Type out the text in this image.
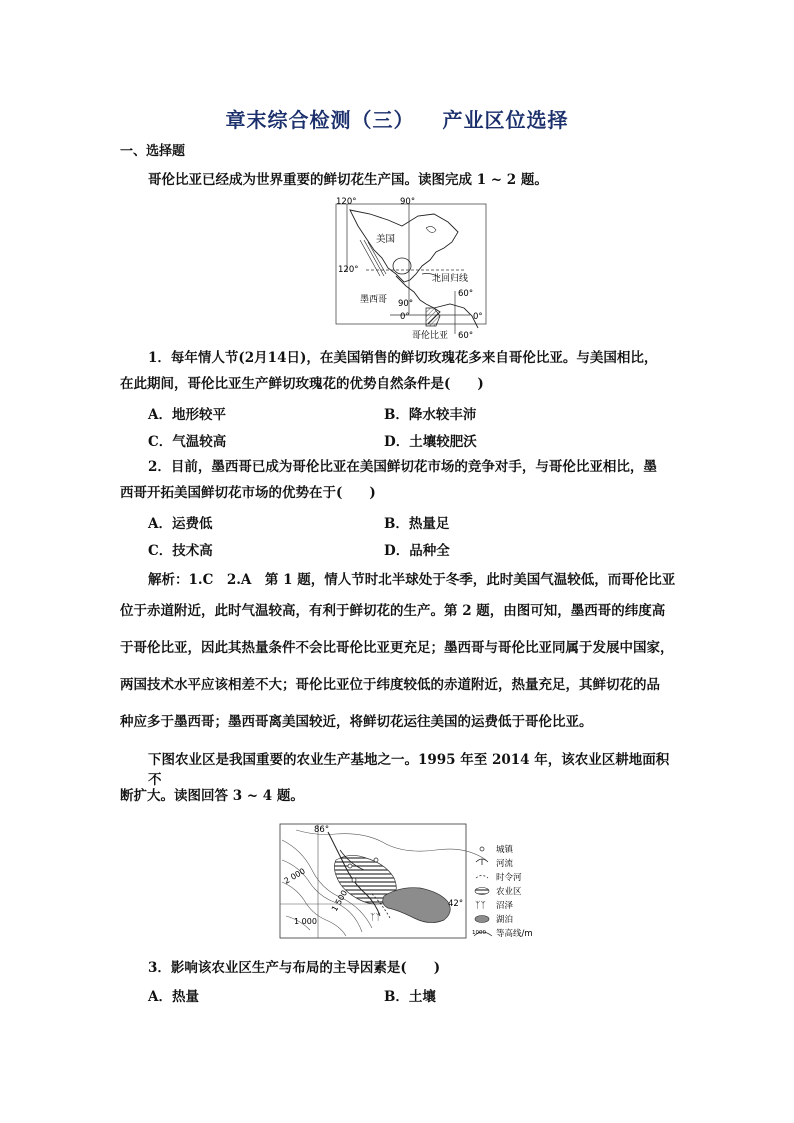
章末综合检测（三） 产业区位选择
一、选择题
哥伦比亚已经成为世界重要的鲜切花生产国。读图完成 1 ~ 2 题。
120°	90°
美国
120°
北回归线
墨西哥 90°
60°
0°	0°
哥伦比亚 60°
1．每年情人节(2月14日)，在美国销售的鲜切玫瑰花多来自哥伦比亚。与美国相比，
在此期间，哥伦比亚生产鲜切玫瑰花的优势自然条件是(　　)
A．地形较平	B．降水较丰沛
C．气温较高	D．土壤较肥沃
2．目前，墨西哥已成为哥伦比亚在美国鲜切花市场的竞争对手，与哥伦比亚相比，墨
西哥开拓美国鲜切花市场的优势在于(　　)
A．运费低	B．热量足
C．技术高	D．品种全
解析：1.C　2.A　第 1 题，情人节时北半球处于冬季，此时美国气温较低，而哥伦比亚
位于赤道附近，此时气温较高，有利于鲜切花的生产。第 2 题，由图可知，墨西哥的纬度高
于哥伦比亚，因此其热量条件不会比哥伦比亚更充足；墨西哥与哥伦比亚同属于发展中国家，
两国技术水平应该相差不大；哥伦比亚位于纬度较低的赤道附近，热量充足，其鲜切花的品
种应多于墨西哥；墨西哥离美国较近，将鲜切花运往美国的运费低于哥伦比亚。
下图农业区是我国重要的农业生产基地之一。1995 年至 2014 年，该农业区耕地面积不
断扩大。读图回答 3 ~ 4 题。
ᛉᛉ
86°
2 000
1 500
1 000
42°
城镇
河流
时令河
农业区
ᛉᛉ 沼泽
湖泊
1000 等高线/m
3．影响该农业区生产与布局的主导因素是(　　)
A．热量	B．土壤
